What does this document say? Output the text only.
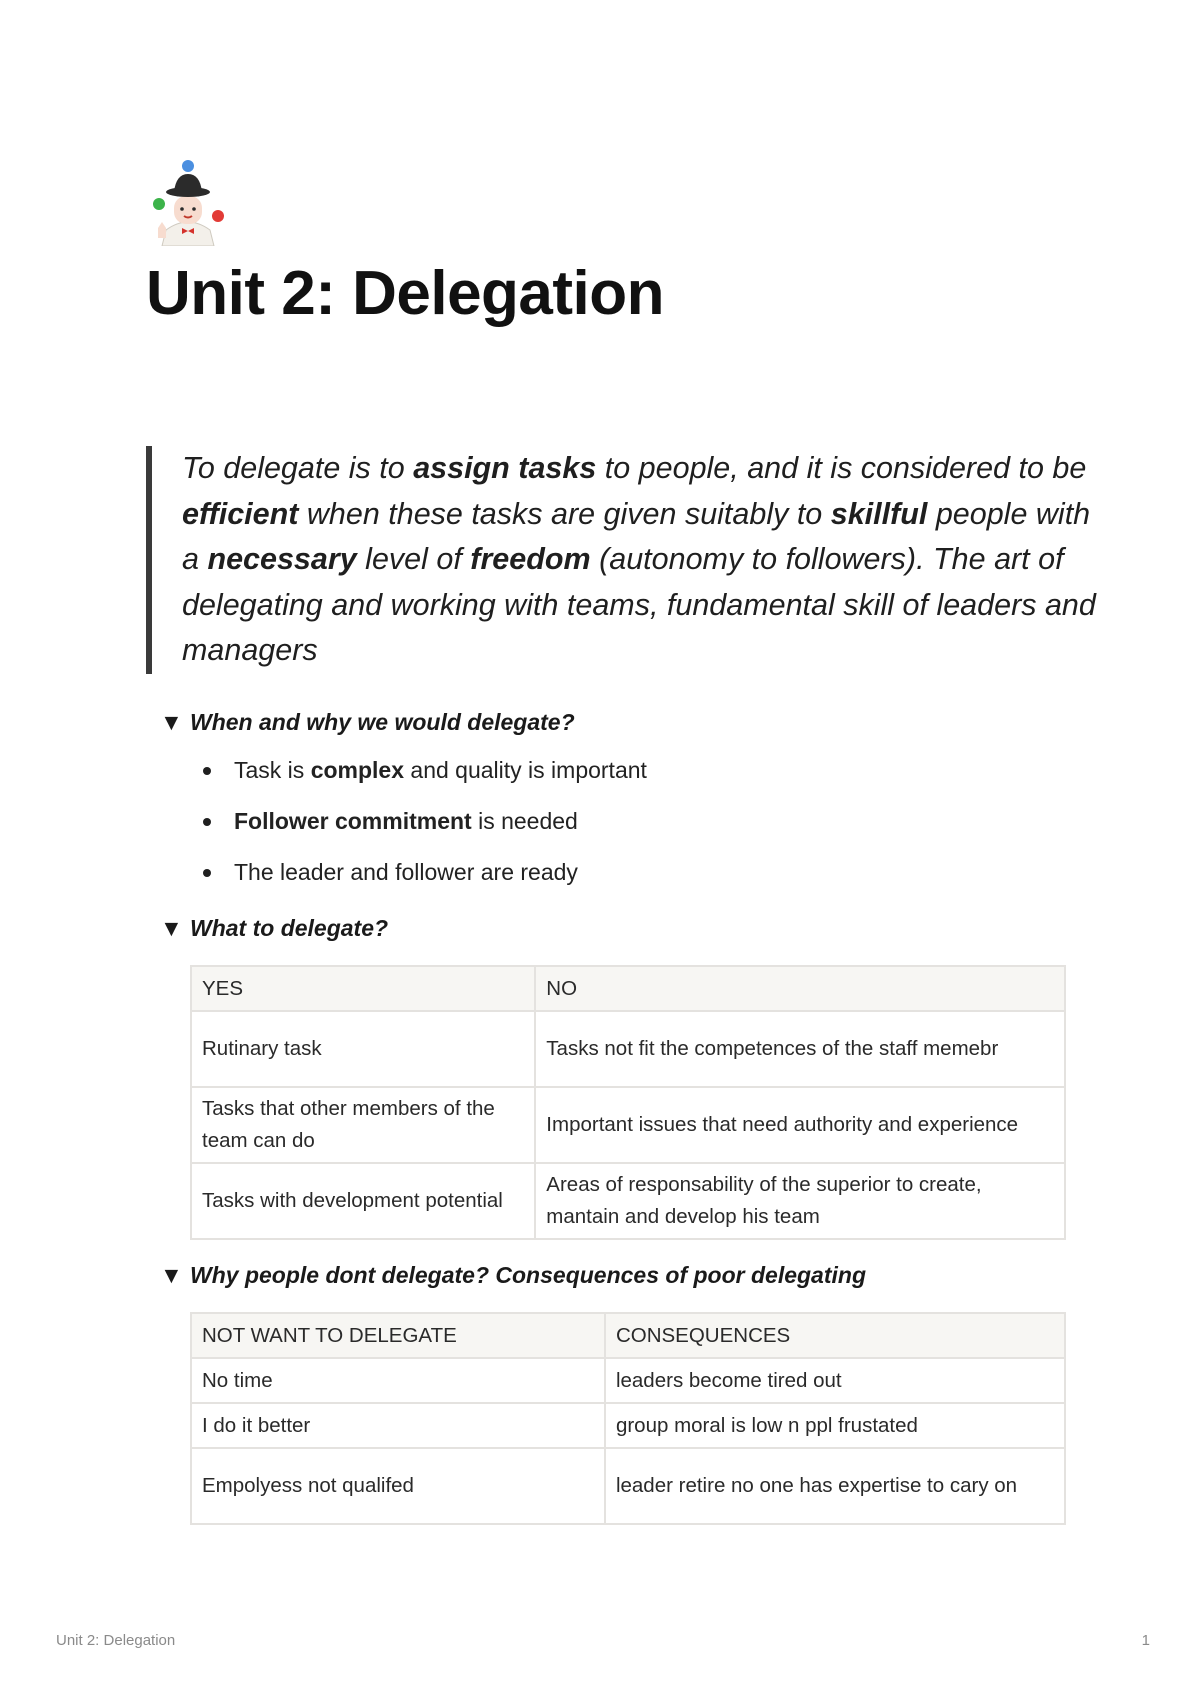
Unit 2: Delegation
To delegate is to assign tasks to people, and it is considered to be efficient when these tasks are given suitably to skillful people with a necessary level of freedom (autonomy to followers). The art of delegating and working with teams, fundamental skill of leaders and managers
▼ When and why we would delegate?
Task is complex and quality is important
Follower commitment is needed
The leader and follower are ready
▼ What to delegate?
YES	NO
Rutinary task	Tasks not fit the competences of the staff memebr
Tasks that other members of the team can do	Important issues that need authority and experience
Tasks with development potential	Areas of responsability of the superior to create, mantain and develop his team
▼ Why people dont delegate? Consequences of poor delegating
NOT WANT TO DELEGATE	CONSEQUENCES
No time	leaders become tired out
I do it better	group moral is low n ppl frustated
Empolyess not qualifed	leader retire no one has expertise to cary on
Unit 2: Delegation	1
